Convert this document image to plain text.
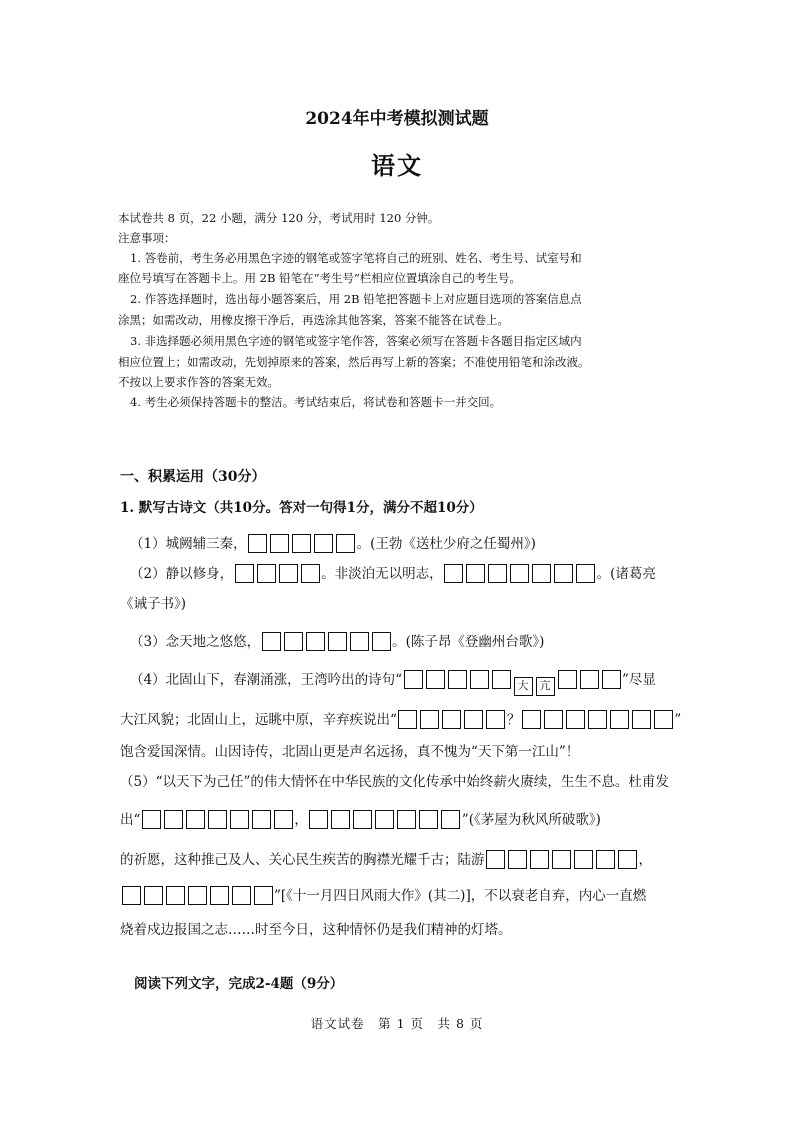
2024年中考模拟测试题
语文
本试卷共 8 页，22 小题，满分 120 分，考试用时 120 分钟。
注意事项：
1. 答卷前，考生务必用黑色字迹的钢笔或签字笔将自己的班别、姓名、考生号、试室号和
座位号填写在答题卡上。用 2B 铅笔在“考生号”栏相应位置填涂自己的考生号。
2. 作答选择题时，选出每小题答案后，用 2B 铅笔把答题卡上对应题目选项的答案信息点
涂黑；如需改动，用橡皮擦干净后，再选涂其他答案，答案不能答在试卷上。
3. 非选择题必须用黑色字迹的钢笔或签字笔作答，答案必须写在答题卡各题目指定区域内
相应位置上；如需改动，先划掉原来的答案，然后再写上新的答案；不准使用铅笔和涂改液。
不按以上要求作答的答案无效。
4. 考生必须保持答题卡的整洁。考试结束后，将试卷和答题卡一并交回。
一、积累运用（30分）
1. 默写古诗文（共10分。答对一句得1分，满分不超10分）
（1）城阙辅三秦，	。(王勃《送杜少府之任蜀州》)
（2）静以修身，	。非淡泊无以明志，	。(诸葛亮
《诫子书》)
（3）念天地之悠悠，	。(陈子昂《登幽州台歌》)
（4）北固山下，春潮涌涨，王湾吟出的诗句“	大 亢	”尽显
大江风貌；北固山上，远眺中原，辛弃疾说出“	？	”
饱含爱国深情。山因诗传，北固山更是声名远扬，真不愧为“天下第一江山”！
（5）“以天下为己任”的伟大情怀在中华民族的文化传承中始终薪火赓续，生生不息。杜甫发
出“	，	”(《茅屋为秋风所破歌》)
的祈愿，这种推己及人、关心民生疾苦的胸襟光耀千古；陆游	，
”[《十一月四日风雨大作》(其二)]，不以衰老自弃，内心一直燃
烧着戍边报国之志……时至今日，这种情怀仍是我们精神的灯塔。
阅读下列文字，完成2-4题（9分）
语文试卷　第 1 页　共 8 页
